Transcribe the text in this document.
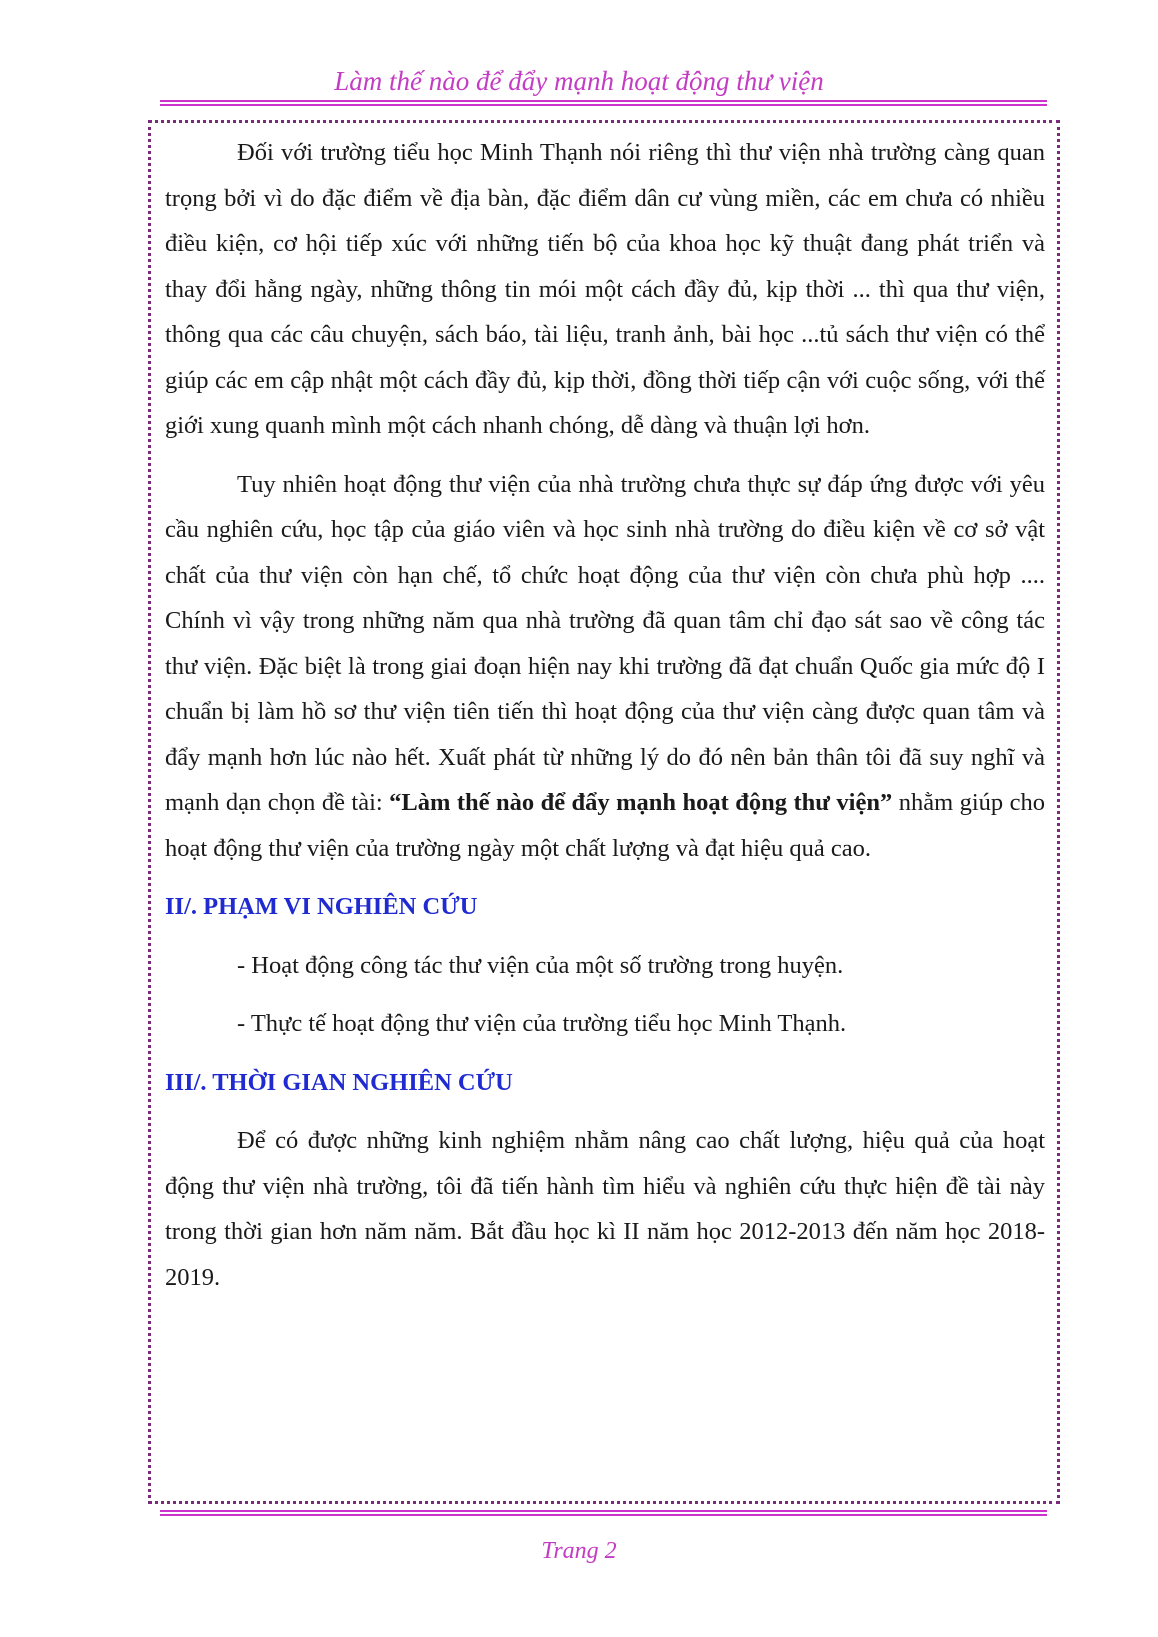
Làm thế nào để đẩy mạnh hoạt động thư viện

Đối với trường tiểu học Minh Thạnh nói riêng thì thư viện nhà trường càng quan trọng bởi vì do đặc điểm về địa bàn, đặc điểm dân cư vùng miền, các em chưa có nhiều điều kiện, cơ hội tiếp xúc với những tiến bộ của khoa học kỹ thuật đang phát triển và thay đổi hằng ngày, những thông tin mói một cách đầy đủ, kịp thời ... thì qua thư viện, thông qua các câu chuyện, sách báo, tài liệu, tranh ảnh, bài học ...tủ sách thư viện có thể giúp các em cập nhật một cách đầy đủ, kịp thời, đồng thời tiếp cận với cuộc sống, với thế giới xung quanh mình một cách nhanh chóng, dễ dàng và thuận lợi hơn.

Tuy nhiên hoạt động thư viện của nhà trường chưa thực sự đáp ứng được với yêu cầu nghiên cứu, học tập của giáo viên và học sinh nhà trường do điều kiện về cơ sở vật chất của thư viện còn hạn chế, tổ chức hoạt động của thư viện còn chưa phù hợp .... Chính vì vậy trong những năm qua nhà trường đã quan tâm chỉ đạo sát sao về công tác thư viện. Đặc biệt là trong giai đoạn hiện nay khi trường đã đạt chuẩn Quốc gia mức độ I chuẩn bị làm hồ sơ thư viện tiên tiến thì hoạt động của thư viện càng được quan tâm và đẩy mạnh hơn lúc nào hết. Xuất phát từ những lý do đó nên bản thân tôi đã suy nghĩ và mạnh dạn chọn đề tài: “Làm thế nào để đẩy mạnh hoạt động thư viện” nhằm giúp cho hoạt động thư viện của trường ngày một chất lượng và đạt hiệu quả cao.

II/. PHẠM VI NGHIÊN CỨU

- Hoạt động công tác thư viện của một số trường trong huyện.

- Thực tế hoạt động thư viện của trường tiểu học Minh Thạnh.

III/. THỜI GIAN NGHIÊN CỨU

Để có được những kinh nghiệm nhằm nâng cao chất lượng, hiệu quả của hoạt động thư viện nhà trường, tôi đã tiến hành tìm hiểu và nghiên cứu thực hiện đề tài này trong thời gian hơn năm năm. Bắt đầu học kì II năm học 2012-2013 đến năm học 2018- 2019.

Trang 2
